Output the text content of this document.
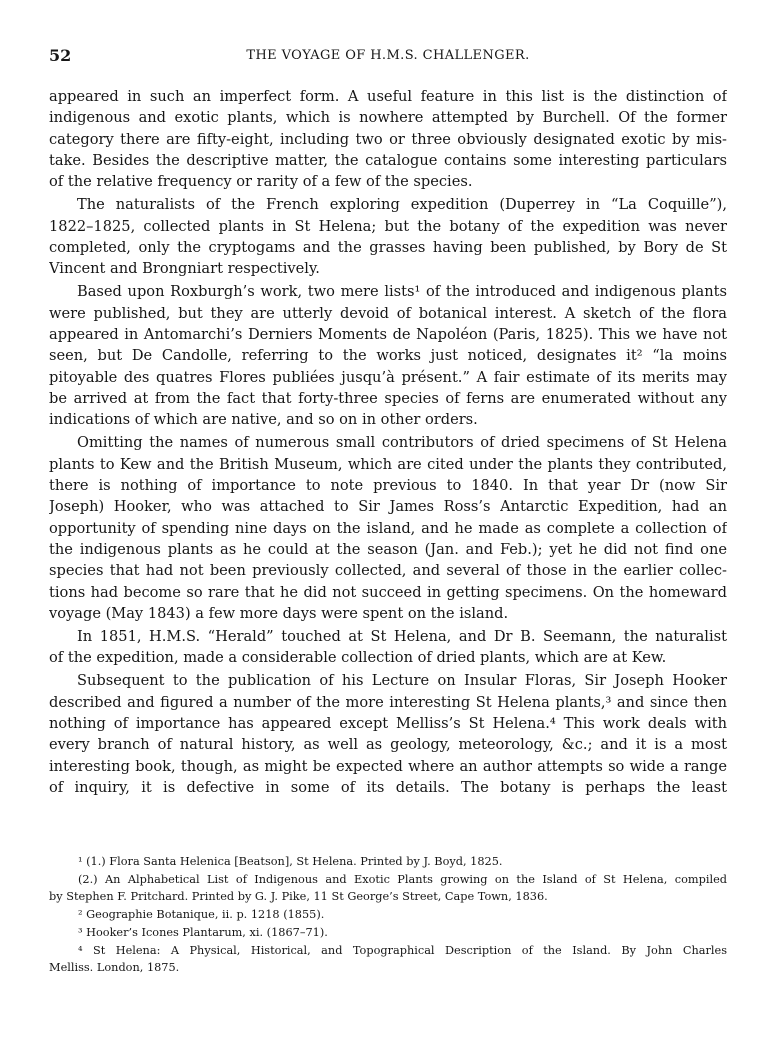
52	THE VOYAGE OF H.M.S. CHALLENGER.
appeared in such an imperfect form. A useful feature in this list is the distinction of
indigenous and exotic plants, which is nowhere attempted by Burchell. Of the former
category there are fifty-eight, including two or three obviously designated exotic by mis-
take. Besides the descriptive matter, the catalogue contains some interesting particulars
of the relative frequency or rarity of a few of the species.
The naturalists of the French exploring expedition (Duperrey in “La Coquille”),
1822–1825, collected plants in St Helena; but the botany of the expedition was never
completed, only the cryptogams and the grasses having been published, by Bory de St
Vincent and Brongniart respectively.
Based upon Roxburgh’s work, two mere lists¹ of the introduced and indigenous plants
were published, but they are utterly devoid of botanical interest. A sketch of the flora
appeared in Antomarchi’s Derniers Moments de Napoléon (Paris, 1825). This we have not
seen, but De Candolle, referring to the works just noticed, designates it² “la moins
pitoyable des quatres Flores publiées jusqu’à présent.” A fair estimate of its merits may
be arrived at from the fact that forty-three species of ferns are enumerated without any
indications of which are native, and so on in other orders.
Omitting the names of numerous small contributors of dried specimens of St Helena
plants to Kew and the British Museum, which are cited under the plants they contributed,
there is nothing of importance to note previous to 1840. In that year Dr (now Sir
Joseph) Hooker, who was attached to Sir James Ross’s Antarctic Expedition, had an
opportunity of spending nine days on the island, and he made as complete a collection of
the indigenous plants as he could at the season (Jan. and Feb.); yet he did not find one
species that had not been previously collected, and several of those in the earlier collec-
tions had become so rare that he did not succeed in getting specimens. On the homeward
voyage (May 1843) a few more days were spent on the island.
In 1851, H.M.S. “Herald” touched at St Helena, and Dr B. Seemann, the naturalist
of the expedition, made a considerable collection of dried plants, which are at Kew.
Subsequent to the publication of his Lecture on Insular Floras, Sir Joseph Hooker
described and figured a number of the more interesting St Helena plants,³ and since then
nothing of importance has appeared except Melliss’s St Helena.⁴ This work deals with
every branch of natural history, as well as geology, meteorology, &c.; and it is a most
interesting book, though, as might be expected where an author attempts so wide a range
of inquiry, it is defective in some of its details. The botany is perhaps the least
¹ (1.) Flora Santa Helenica [Beatson], St Helena. Printed by J. Boyd, 1825.
(2.) An Alphabetical List of Indigenous and Exotic Plants growing on the Island of St Helena, compiled
by Stephen F. Pritchard. Printed by G. J. Pike, 11 St George’s Street, Cape Town, 1836.
² Geographie Botanique, ii. p. 1218 (1855).
³ Hooker’s Icones Plantarum, xi. (1867–71).
⁴ St Helena: A Physical, Historical, and Topographical Description of the Island. By John Charles
Melliss. London, 1875.
